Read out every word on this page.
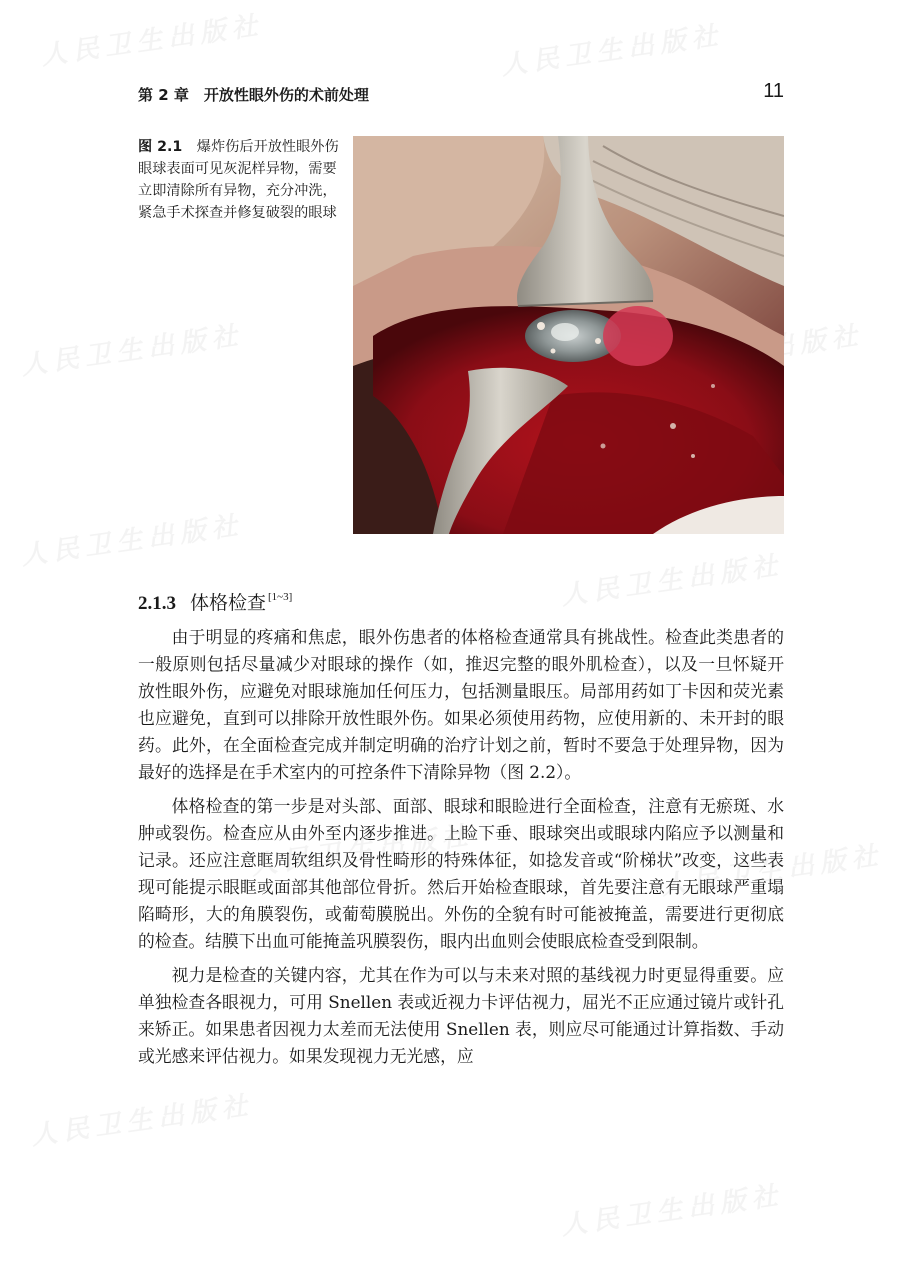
第 2 章　开放性眼外伤的术前处理	11
图 2.1 爆炸伤后开放性眼外伤
眼球表面可见灰泥样异物，需要立即清除所有异物，充分冲洗，紧急手术探查并修复破裂的眼球
2.1.3 体格检查 [1~3]

由于明显的疼痛和焦虑，眼外伤患者的体格检查通常具有挑战性。检查此类患者的一般原则包括尽量减少对眼球的操作（如，推迟完整的眼外肌检查），以及一旦怀疑开放性眼外伤，应避免对眼球施加任何压力，包括测量眼压。局部用药如丁卡因和荧光素也应避免，直到可以排除开放性眼外伤。如果必须使用药物，应使用新的、未开封的眼药。此外，在全面检查完成并制定明确的治疗计划之前，暂时不要急于处理异物，因为最好的选择是在手术室内的可控条件下清除异物（图 2.2）。

体格检查的第一步是对头部、面部、眼球和眼睑进行全面检查，注意有无瘀斑、水肿或裂伤。检查应从由外至内逐步推进。上睑下垂、眼球突出或眼球内陷应予以测量和记录。还应注意眶周软组织及骨性畸形的特殊体征，如捻发音或“阶梯状”改变，这些表现可能提示眼眶或面部其他部位骨折。然后开始检查眼球，首先要注意有无眼球严重塌陷畸形，大的角膜裂伤，或葡萄膜脱出。外伤的全貌有时可能被掩盖，需要进行更彻底的检查。结膜下出血可能掩盖巩膜裂伤，眼内出血则会使眼底检查受到限制。

视力是检查的关键内容，尤其在作为可以与未来对照的基线视力时更显得重要。应单独检查各眼视力，可用 Snellen 表或近视力卡评估视力，屈光不正应通过镜片或针孔来矫正。如果患者因视力太差而无法使用 Snellen 表，则应尽可能通过计算指数、手动或光感来评估视力。如果发现视力无光感，应
